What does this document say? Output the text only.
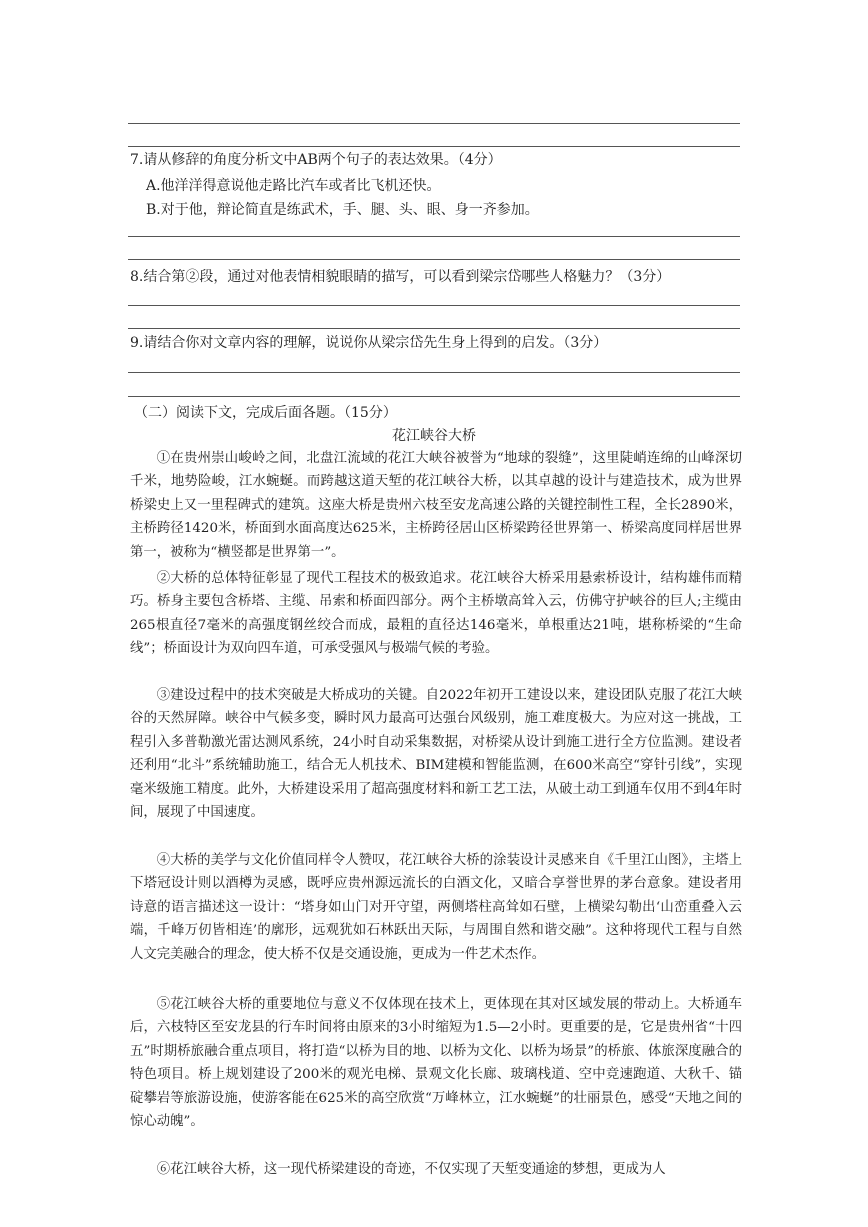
7.请从修辞的角度分析文中AB两个句子的表达效果。（4分）
A.他洋洋得意说他走路比汽车或者比飞机还快。
B.对于他，辩论简直是练武术，手、腿、头、眼、身一齐参加。
8.结合第②段，通过对他表情相貌眼睛的描写，可以看到梁宗岱哪些人格魅力？（3分）
9.请结合你对文章内容的理解，说说你从梁宗岱先生身上得到的启发。（3分）
（二）阅读下文，完成后面各题。（15分）
花江峡谷大桥

①在贵州崇山峻岭之间，北盘江流域的花江大峡谷被誉为“地球的裂缝”，这里陡峭连绵的山峰深切千米，地势险峻，江水蜿蜒。而跨越这道天堑的花江峡谷大桥，以其卓越的设计与建造技术，成为世界桥梁史上又一里程碑式的建筑。这座大桥是贵州六枝至安龙高速公路的关键控制性工程，全长2890米，主桥跨径1420米，桥面到水面高度达625米，主桥跨径居山区桥梁跨径世界第一、桥梁高度同样居世界第一，被称为“横竖都是世界第一”。

②大桥的总体特征彰显了现代工程技术的极致追求。花江峡谷大桥采用悬索桥设计，结构雄伟而精巧。桥身主要包含桥塔、主缆、吊索和桥面四部分。两个主桥墩高耸入云，仿佛守护峡谷的巨人;主缆由265根直径7毫米的高强度钢丝绞合而成，最粗的直径达146毫米，单根重达21吨，堪称桥梁的“生命线”；桥面设计为双向四车道，可承受强风与极端气候的考验。

③建设过程中的技术突破是大桥成功的关键。自2022年初开工建设以来，建设团队克服了花江大峡谷的天然屏障。峡谷中气候多变，瞬时风力最高可达强台风级别，施工难度极大。为应对这一挑战，工程引入多普勒激光雷达测风系统，24小时自动采集数据，对桥梁从设计到施工进行全方位监测。建设者还利用“北斗”系统辅助施工，结合无人机技术、BIM建模和智能监测，在600米高空“穿针引线”，实现毫米级施工精度。此外，大桥建设采用了超高强度材料和新工艺工法，从破土动工到通车仅用不到4年时间，展现了中国速度。

④大桥的美学与文化价值同样令人赞叹，花江峡谷大桥的涂装设计灵感来自《千里江山图》，主塔上下塔冠设计则以酒樽为灵感，既呼应贵州源远流长的白酒文化，又暗合享誉世界的茅台意象。建设者用诗意的语言描述这一设计：“塔身如山门对开守望，两侧塔柱高耸如石壁，上横梁勾勒出‘山峦重叠入云端，千峰万仞皆相连’的廓形，远观犹如石林跃出天际，与周围自然和谐交融”。这种将现代工程与自然人文完美融合的理念，使大桥不仅是交通设施，更成为一件艺术杰作。

⑤花江峡谷大桥的重要地位与意义不仅体现在技术上，更体现在其对区域发展的带动上。大桥通车后，六枝特区至安龙县的行车时间将由原来的3小时缩短为1.5—2小时。更重要的是，它是贵州省“十四五”时期桥旅融合重点项目，将打造“以桥为目的地、以桥为文化、以桥为场景”的桥旅、体旅深度融合的特色项目。桥上规划建设了200米的观光电梯、景观文化长廊、玻璃栈道、空中竞速跑道、大秋千、锚碇攀岩等旅游设施，使游客能在625米的高空欣赏“万峰林立，江水蜿蜒”的壮丽景色，感受“天地之间的惊心动魄”。

⑥花江峡谷大桥，这一现代桥梁建设的奇迹，不仅实现了天堑变通途的梦想，更成为人
